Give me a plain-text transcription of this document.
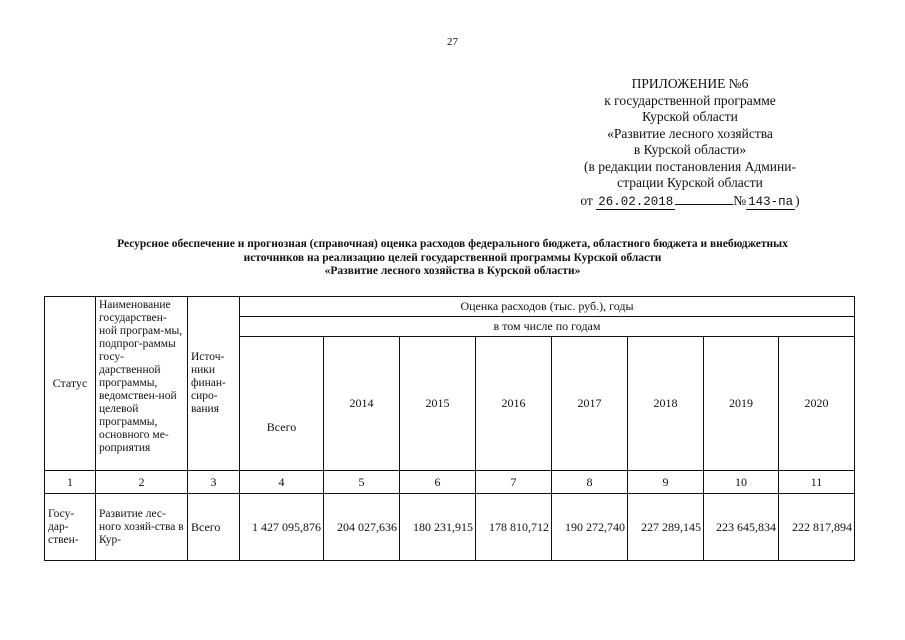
27
ПРИЛОЖЕНИЕ №6
к государственной программе
Курской области
«Развитие лесного хозяйства
в Курской области»
(в редакции постановления Админи-
страции Курской области
от 26.02.2018	№ 143-па )
Ресурсное обеспечение и прогнозная (справочная) оценка расходов федерального бюджета, областного бюджета и внебюджетных
источников на реализацию целей государственной программы Курской области
«Развитие лесного хозяйства в Курской области»
Статус	Наименование государствен-ной програм-мы, подпрог-раммы госу-дарственной программы, ведомствен-ной целевой программы, основного ме-роприятия	Источ-ники финан-сиро-вания	Оценка расходов (тыс. руб.), годы							
			в том числе по годам							
			Всего	2014	2015	2016	2017	2018	2019	2020
1	2	3	4	5	6	7	8	9	10	11
Госу-дар-ствен-	Развитие лес-ного хозяй-ства в Кур-	Всего	1 427 095,876	204 027,636	180 231,915	178 810,712	190 272,740	227 289,145	223 645,834	222 817,894
